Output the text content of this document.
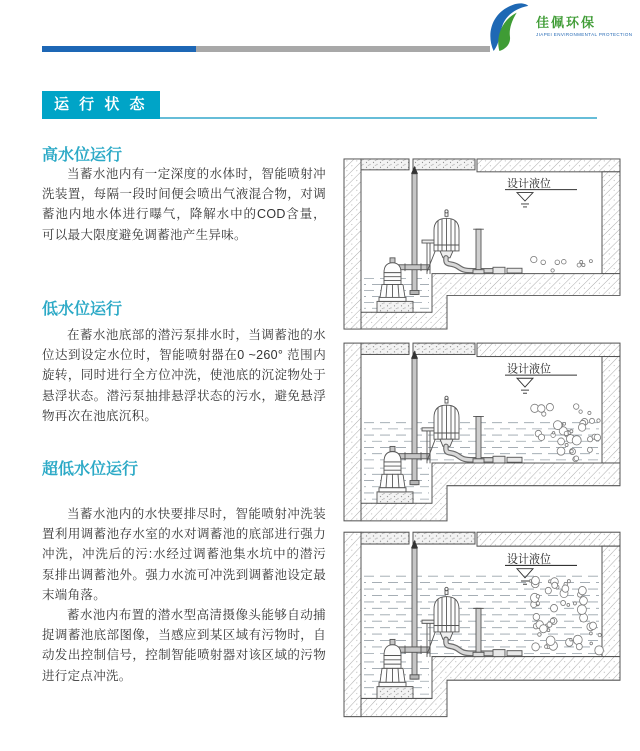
佳佩环保
JIAPEI ENVIRONMENTAL PROTECTION
运 行 状 态
高水位运行

当蓄水池内有一定深度的水体时，智能喷射冲洗装置，每隔一段时间便会喷出气液混合物，对调蓄池内地水体进行曝气，降解水中的COD含量，可以最大限度避免调蓄池产生异味。

低水位运行

在蓄水池底部的潜污泵排水时，当调蓄池的水位达到设定水位时，智能喷射器在0 ~260° 范围内旋转，同时进行全方位冲洗，使池底的沉淀物处于悬浮状态。潜污泵抽排悬浮状态的污水，避免悬浮物再次在池底沉积。

超低水位运行

当蓄水池内的水快要排尽时，智能喷射冲洗装置利用调蓄池存水室的水对调蓄池的底部进行强力冲洗，冲洗后的污:水经过调蓄池集水坑中的潜污泵排出调蓄池外。强力水流可冲洗到调蓄池设定最末端角落。

蓄水池内布置的潜水型高清摄像头能够自动捕捉调蓄池底部图像，当感应到某区域有污物时，自动发出控制信号，控制智能喷射器对该区域的污物进行定点冲洗。

设计液位
设计液位
设计液位
